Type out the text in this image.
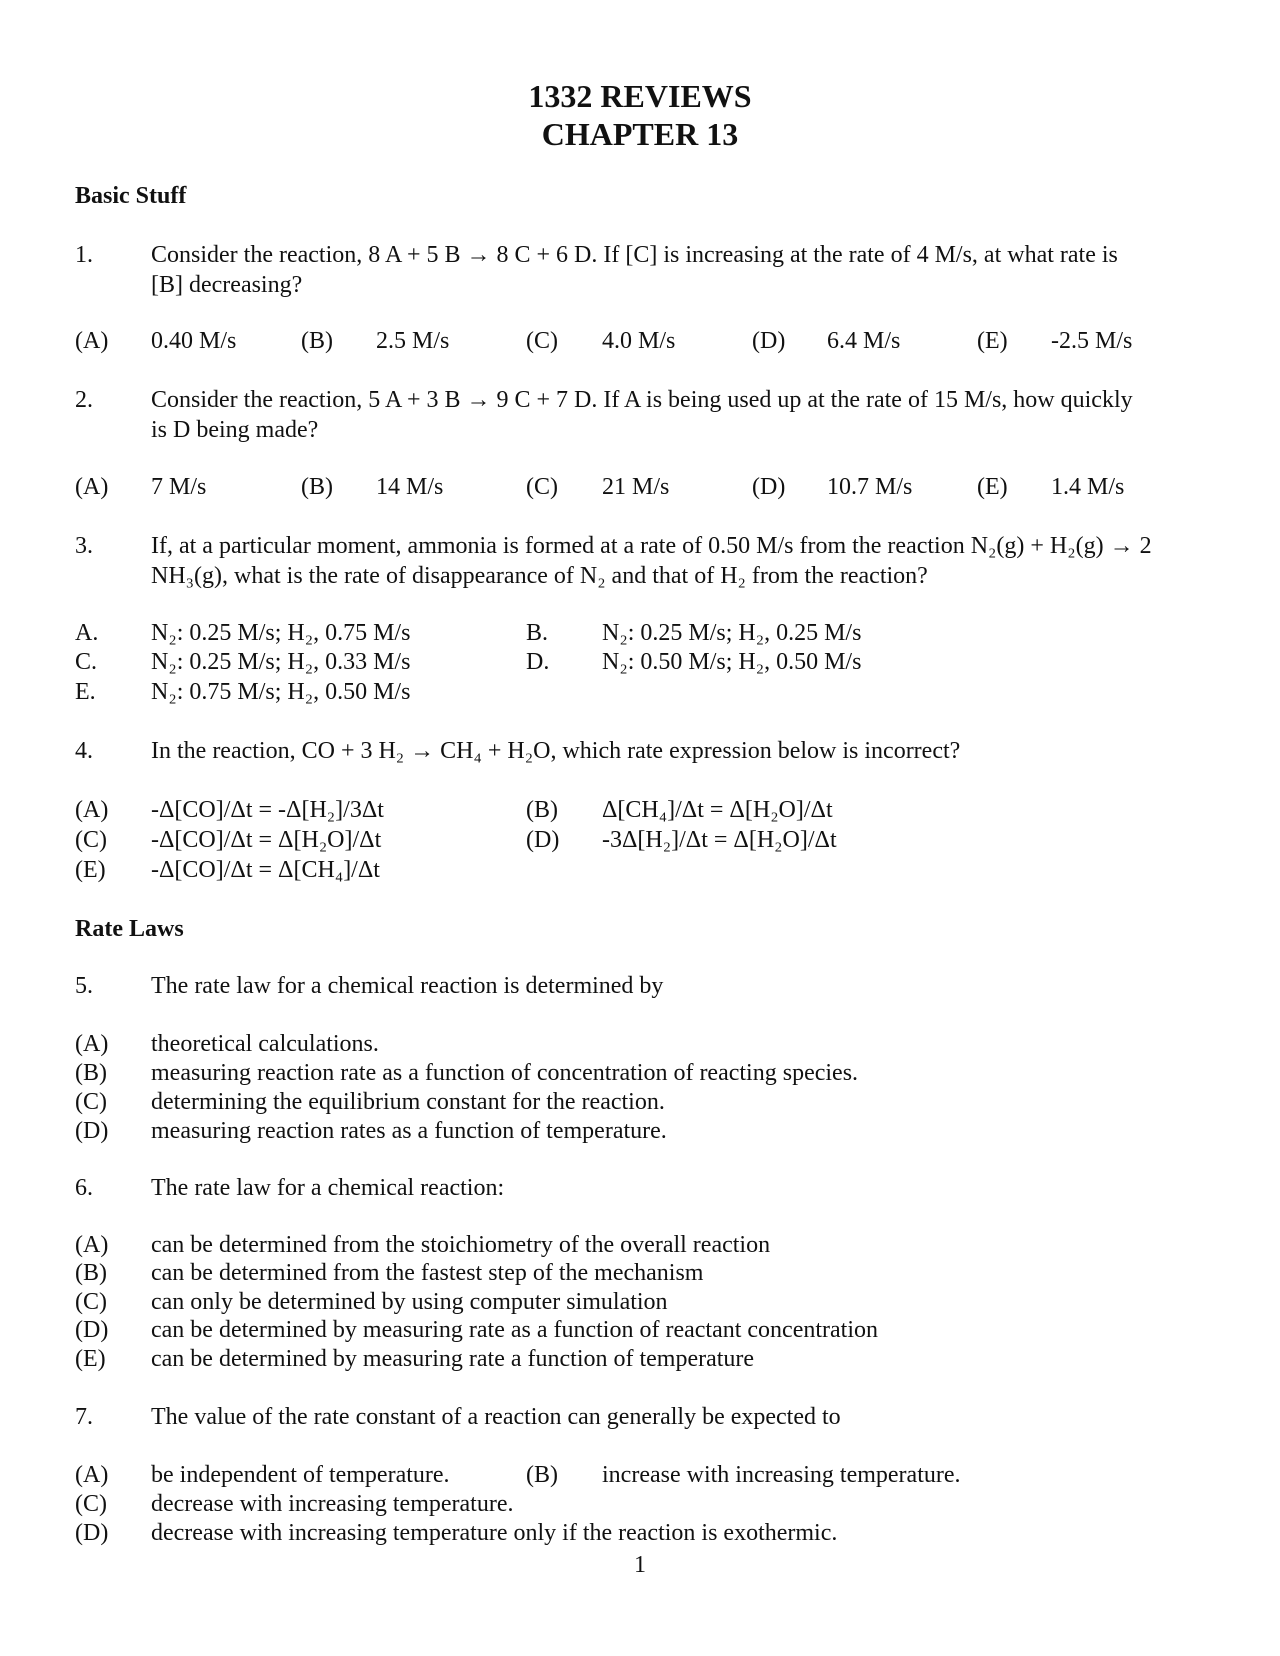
1332 REVIEWS
CHAPTER 13
Basic Stuff
1. Consider the reaction, 8 A + 5 B → 8 C + 6 D. If [C] is increasing at the rate of 4 M/s, at what rate is
[B] decreasing?
(A) 0.40 M/s	(B) 2.5 M/s	(C) 4.0 M/s	(D) 6.4 M/s	(E) -2.5 M/s
2. Consider the reaction, 5 A + 3 B → 9 C + 7 D. If A is being used up at the rate of 15 M/s, how quickly
is D being made?
(A) 7 M/s	(B) 14 M/s	(C) 21 M/s	(D) 10.7 M/s	(E) 1.4 M/s
3. If, at a particular moment, ammonia is formed at a rate of 0.50 M/s from the reaction N₂(g) + H₂(g) → 2
NH₃(g), what is the rate of disappearance of N₂ and that of H₂ from the reaction?
A. N₂: 0.25 M/s; H₂, 0.75 M/s	B. N₂: 0.25 M/s; H₂, 0.25 M/s
C. N₂: 0.25 M/s; H₂, 0.33 M/s	D. N₂: 0.50 M/s; H₂, 0.50 M/s
E. N₂: 0.75 M/s; H₂, 0.50 M/s
4. In the reaction, CO + 3 H₂ → CH₄ + H₂O, which rate expression below is incorrect?
(A) -Δ[CO]/Δt = -Δ[H₂]/3Δt	(B) Δ[CH₄]/Δt = Δ[H₂O]/Δt
(C) -Δ[CO]/Δt = Δ[H₂O]/Δt	(D) -3Δ[H₂]/Δt = Δ[H₂O]/Δt
(E) -Δ[CO]/Δt = Δ[CH₄]/Δt
Rate Laws
5. The rate law for a chemical reaction is determined by
(A) theoretical calculations.
(B) measuring reaction rate as a function of concentration of reacting species.
(C) determining the equilibrium constant for the reaction.
(D) measuring reaction rates as a function of temperature.
6. The rate law for a chemical reaction:
(A) can be determined from the stoichiometry of the overall reaction
(B) can be determined from the fastest step of the mechanism
(C) can only be determined by using computer simulation
(D) can be determined by measuring rate as a function of reactant concentration
(E) can be determined by measuring rate a function of temperature
7. The value of the rate constant of a reaction can generally be expected to
(A) be independent of temperature.	(B) increase with increasing temperature.
(C) decrease with increasing temperature.
(D) decrease with increasing temperature only if the reaction is exothermic.
1
